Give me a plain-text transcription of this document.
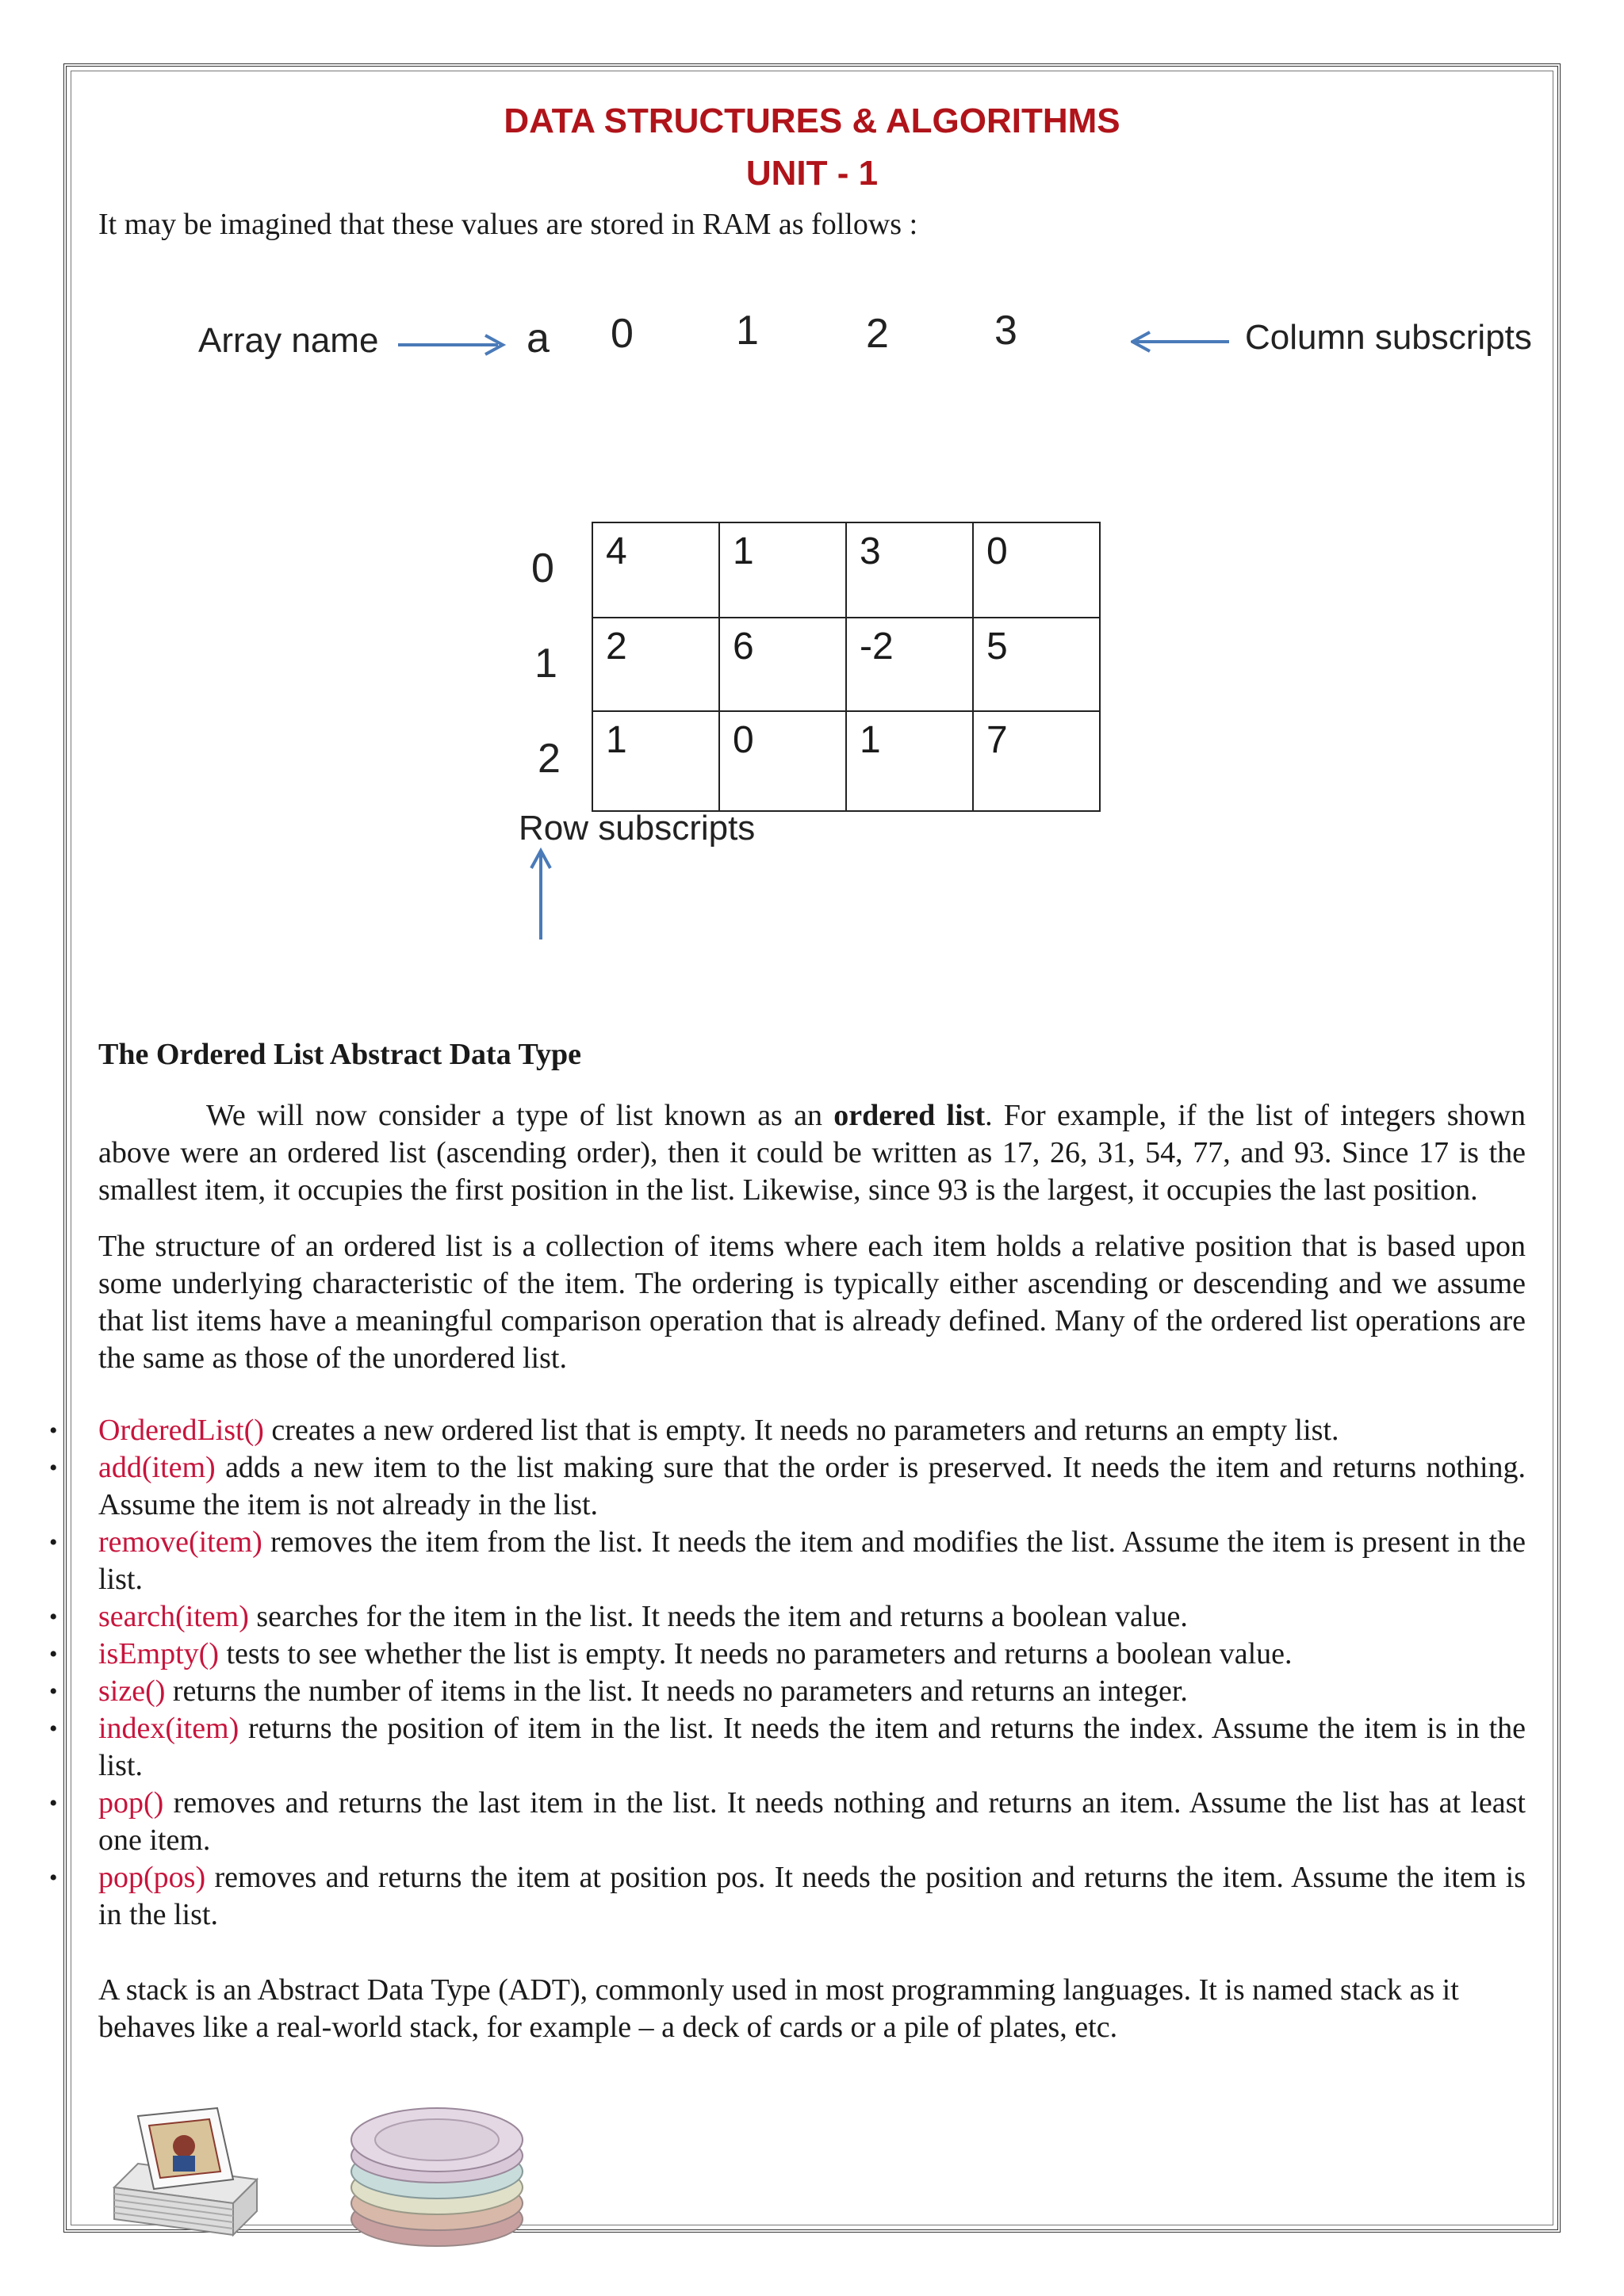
DATA STRUCTURES & ALGORITHMS
UNIT - 1

It may be imagined that these values are stored in RAM as follows :

Array name	a 0 1	2	3	Column subscripts
0
1
2
4	1	3	0
2	6	-2	5
1	0	1	7
Row subscripts
The Ordered List Abstract Data Type

We will now consider a type of list known as an ordered list. For example, if the list of integers shown above were an ordered list (ascending order), then it could be written as 17, 26, 31, 54, 77, and 93. Since 17 is the smallest item, it occupies the first position in the list. Likewise, since 93 is the largest, it occupies the last position.

The structure of an ordered list is a collection of items where each item holds a relative position that is based upon some underlying characteristic of the item. The ordering is typically either ascending or descending and we assume that list items have a meaningful comparison operation that is already defined. Many of the ordered list operations are the same as those of the unordered list.

• OrderedList() creates a new ordered list that is empty. It needs no parameters and returns an empty list.
• add(item) adds a new item to the list making sure that the order is preserved. It needs the item and returns nothing. Assume the item is not already in the list.
• remove(item) removes the item from the list. It needs the item and modifies the list. Assume the item is present in the list.
• search(item) searches for the item in the list. It needs the item and returns a boolean value.
• isEmpty() tests to see whether the list is empty. It needs no parameters and returns a boolean value.
• size() returns the number of items in the list. It needs no parameters and returns an integer.
• index(item) returns the position of item in the list. It needs the item and returns the index. Assume the item is in the list.
• pop() removes and returns the last item in the list. It needs nothing and returns an item. Assume the list has at least one item.
• pop(pos) removes and returns the item at position pos. It needs the position and returns the item. Assume the item is in the list.

A stack is an Abstract Data Type (ADT), commonly used in most programming languages. It is named stack as it behaves like a real-world stack, for example – a deck of cards or a pile of plates, etc.
